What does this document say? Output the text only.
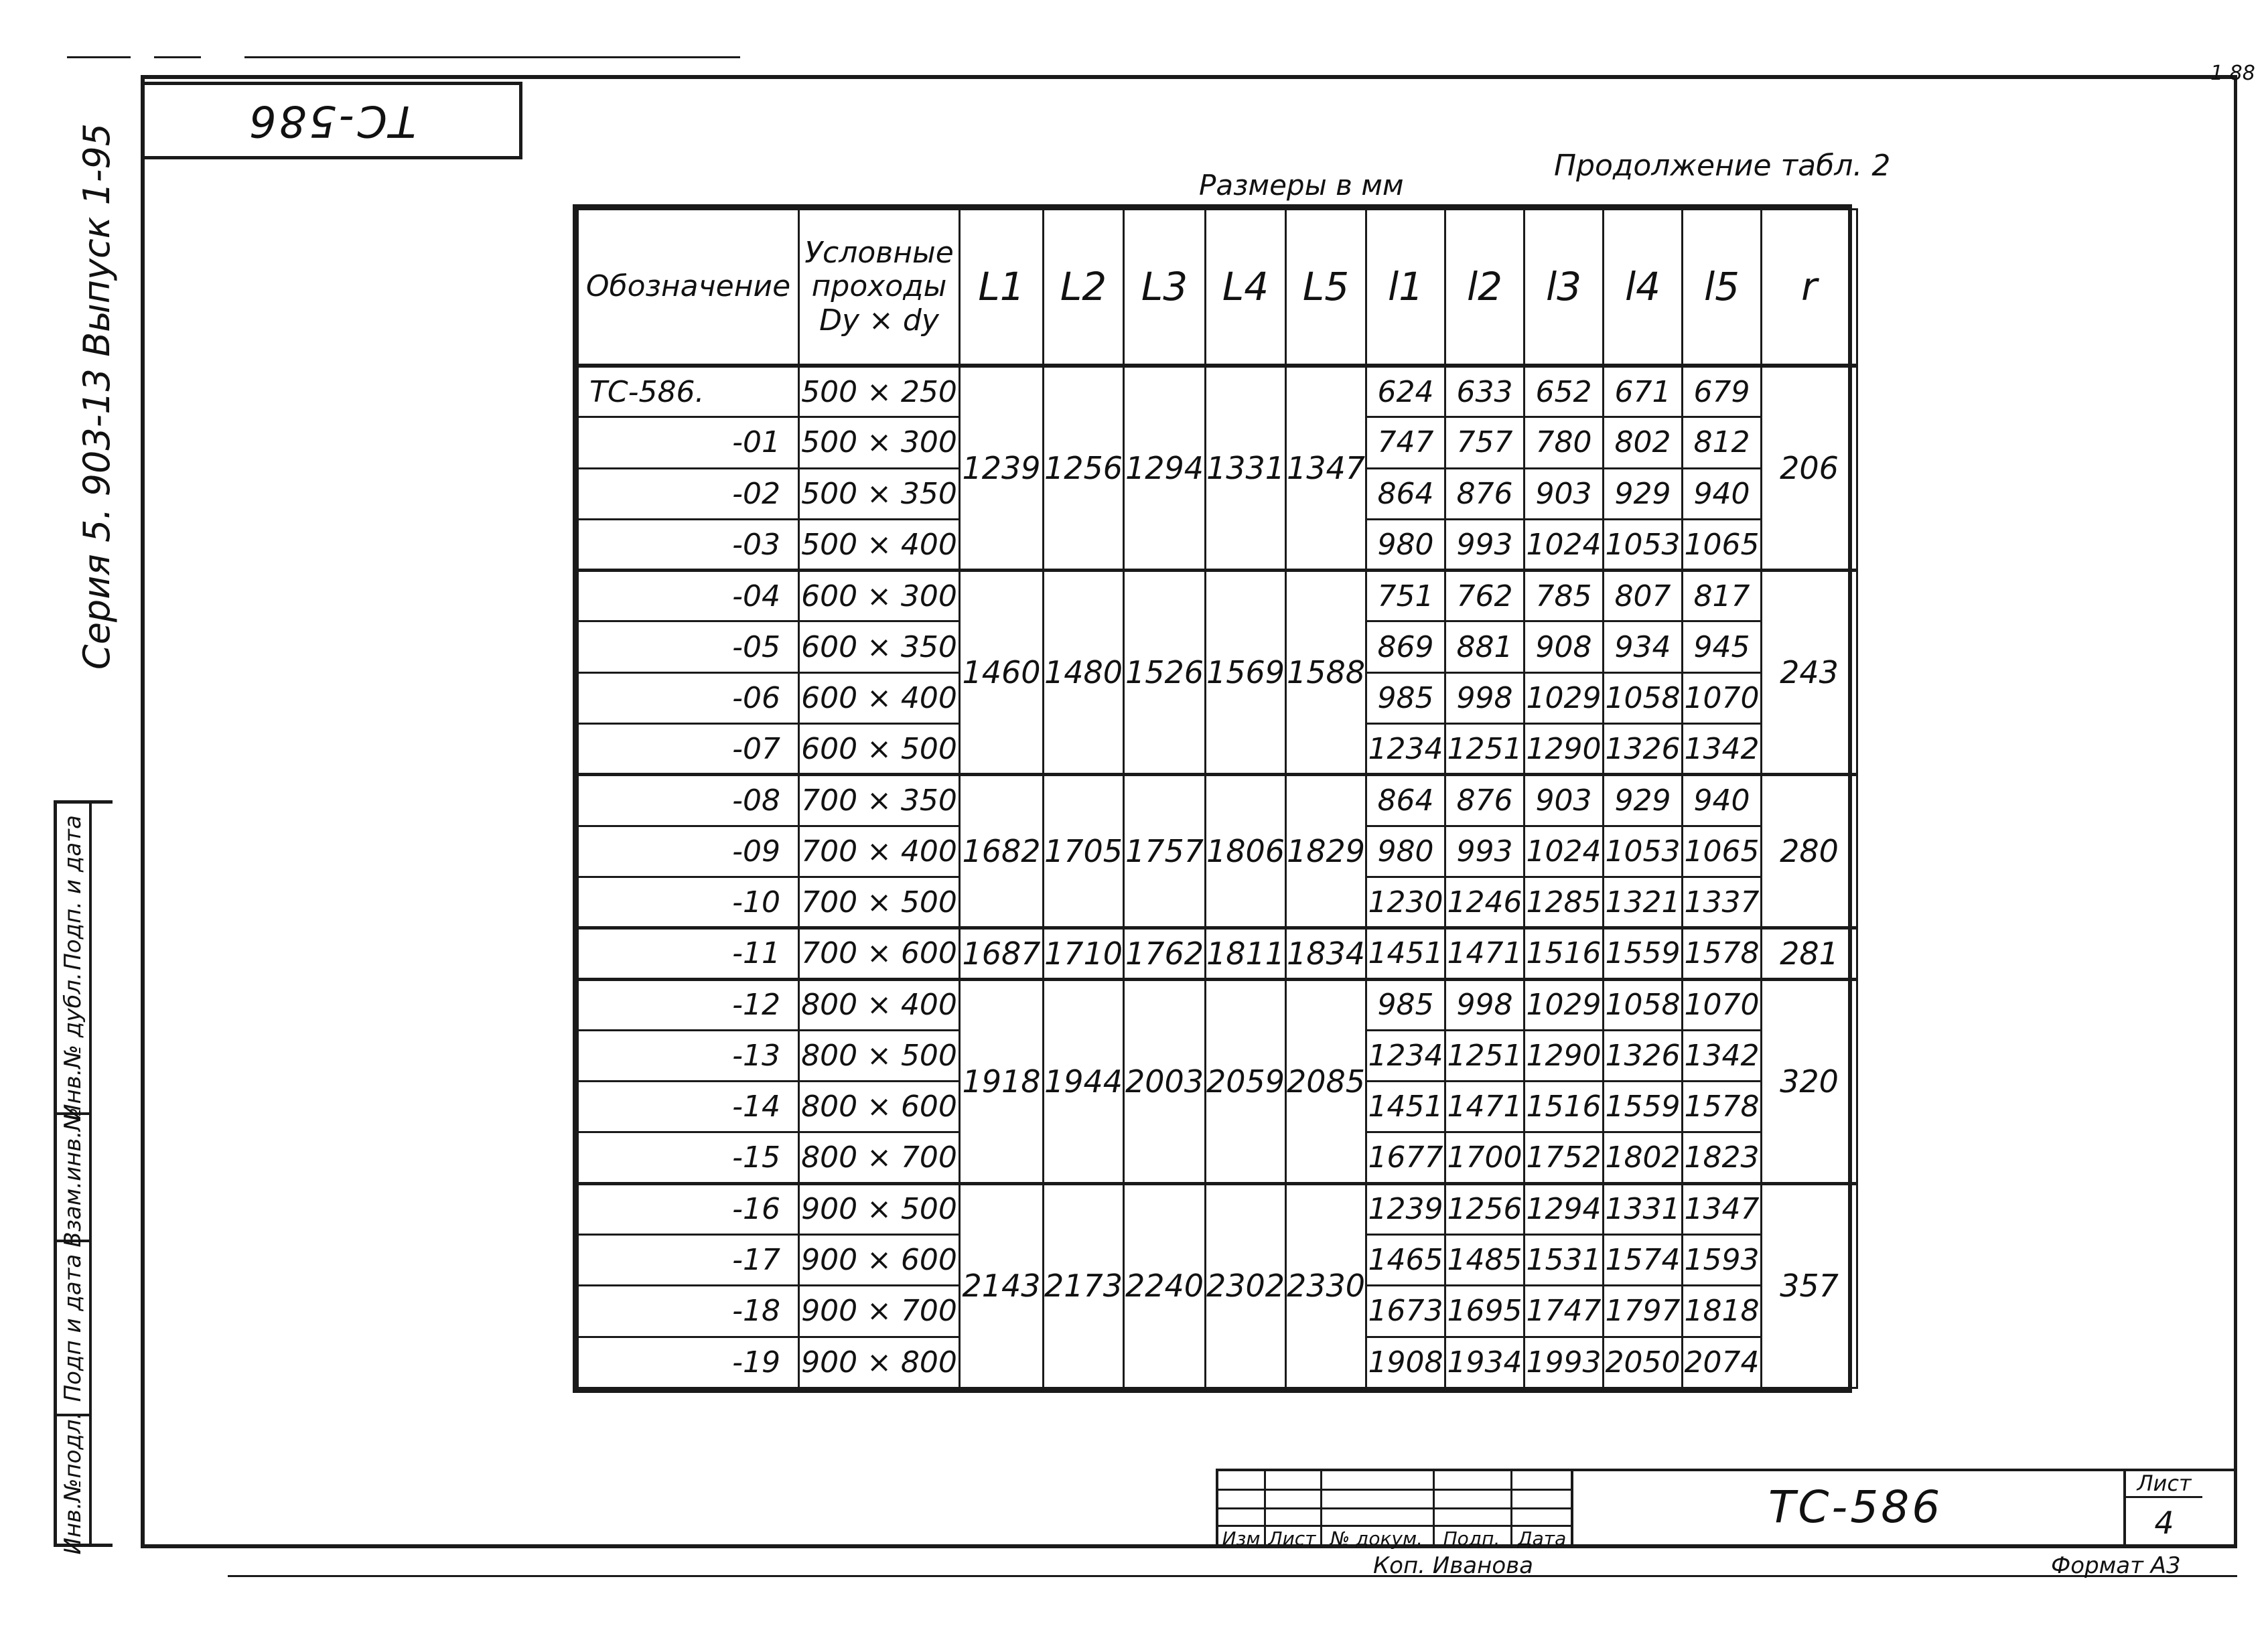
ТС-586
1 88
Серия 5. 903-13 Выпуск 1-95
Инв.№подл.
Подп и дата
Взам.инв.№
Инв.№ дубл.
Подп. и дата
Размеры в мм
Продолжение табл. 2
Обозначение	Условные проходы Dy × dy	L1	L2	L3	L4	L5	l1	l2	l3	l4	l5	r
ТС-586.	500 × 250	1239	1256	1294	1331	1347	624	633	652	671	679	206
-01	500 × 300						747	757	780	802	812	
-02	500 × 350						864	876	903	929	940	
-03	500 × 400						980	993	1024	1053	1065	
-04	600 × 300	1460	1480	1526	1569	1588	751	762	785	807	817	243
-05	600 × 350						869	881	908	934	945	
-06	600 × 400						985	998	1029	1058	1070	
-07	600 × 500						1234	1251	1290	1326	1342	
-08	700 × 350	1682	1705	1757	1806	1829	864	876	903	929	940	280
-09	700 × 400						980	993	1024	1053	1065	
-10	700 × 500						1230	1246	1285	1321	1337	
-11	700 × 600	1687	1710	1762	1811	1834	1451	1471	1516	1559	1578	281
-12	800 × 400	1918	1944	2003	2059	2085	985	998	1029	1058	1070	320
-13	800 × 500						1234	1251	1290	1326	1342	
-14	800 × 600						1451	1471	1516	1559	1578	
-15	800 × 700						1677	1700	1752	1802	1823	
-16	900 × 500	2143	2173	2240	2302	2330	1239	1256	1294	1331	1347	357
-17	900 × 600						1465	1485	1531	1574	1593	
-18	900 × 700						1673	1695	1747	1797	1818	
-19	900 × 800						1908	1934	1993	2050	2074	
Изм Лист № докум. Подп. Дата
ТС-586	Лист
4
Коп. Иванова	Формат А3
